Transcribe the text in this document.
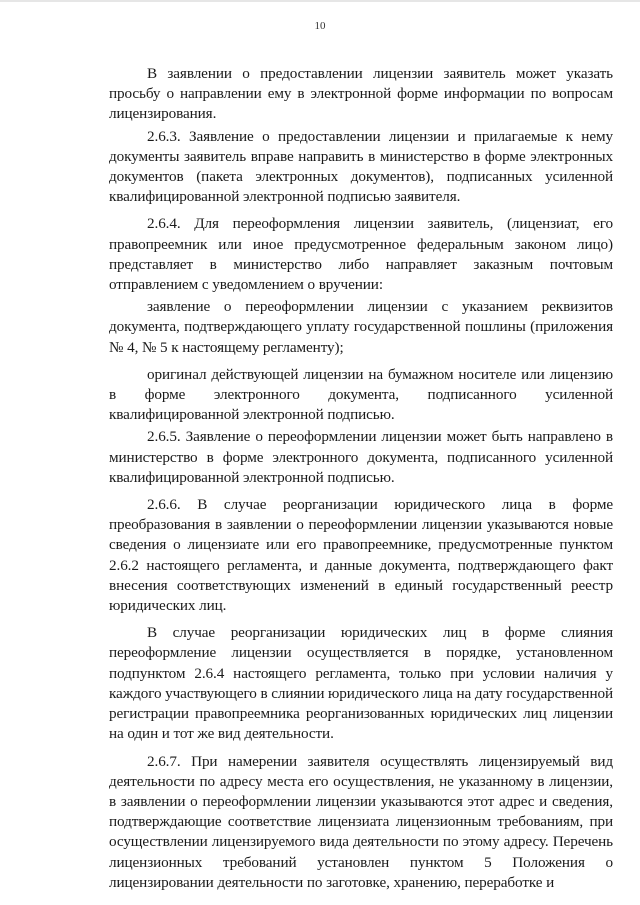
10

В заявлении о предоставлении лицензии заявитель может указать просьбу о направлении ему в электронной форме информации по вопросам лицензирования.

2.6.3. Заявление о предоставлении лицензии и прилагаемые к нему документы заявитель вправе направить в министерство в форме электронных документов (пакета электронных документов), подписанных усиленной квалифицированной электронной подписью заявителя.

2.6.4. Для переоформления лицензии заявитель, (лицензиат, его правопреемник или иное предусмотренное федеральным законом лицо) представляет в министерство либо направляет заказным почтовым отправлением с уведомлением о вручении:

заявление о переоформлении лицензии с указанием реквизитов документа, подтверждающего уплату государственной пошлины (приложения № 4, № 5 к настоящему регламенту);

оригинал действующей лицензии на бумажном носителе или лицензию в форме электронного документа, подписанного усиленной квалифицированной электронной подписью.

2.6.5. Заявление о переоформлении лицензии может быть направлено в министерство в форме электронного документа, подписанного усиленной квалифицированной электронной подписью.

2.6.6. В случае реорганизации юридического лица в форме преобразования в заявлении о переоформлении лицензии указываются новые сведения о лицензиате или его правопреемнике, предусмотренные пунктом 2.6.2 настоящего регламента, и данные документа, подтверждающего факт внесения соответствующих изменений в единый государственный реестр юридических лиц.

В случае реорганизации юридических лиц в форме слияния переоформление лицензии осуществляется в порядке, установленном подпунктом 2.6.4 настоящего регламента, только при условии наличия у каждого участвующего в слиянии юридического лица на дату государственной регистрации правопреемника реорганизованных юридических лиц лицензии на один и тот же вид деятельности.

2.6.7. При намерении заявителя осуществлять лицензируемый вид деятельности по адресу места его осуществления, не указанному в лицензии, в заявлении о переоформлении лицензии указываются этот адрес и сведения, подтверждающие соответствие лицензиата лицензионным требованиям, при осуществлении лицензируемого вида деятельности по этому адресу. Перечень лицензионных требований установлен пунктом 5 Положения о лицензировании деятельности по заготовке, хранению, переработке и
